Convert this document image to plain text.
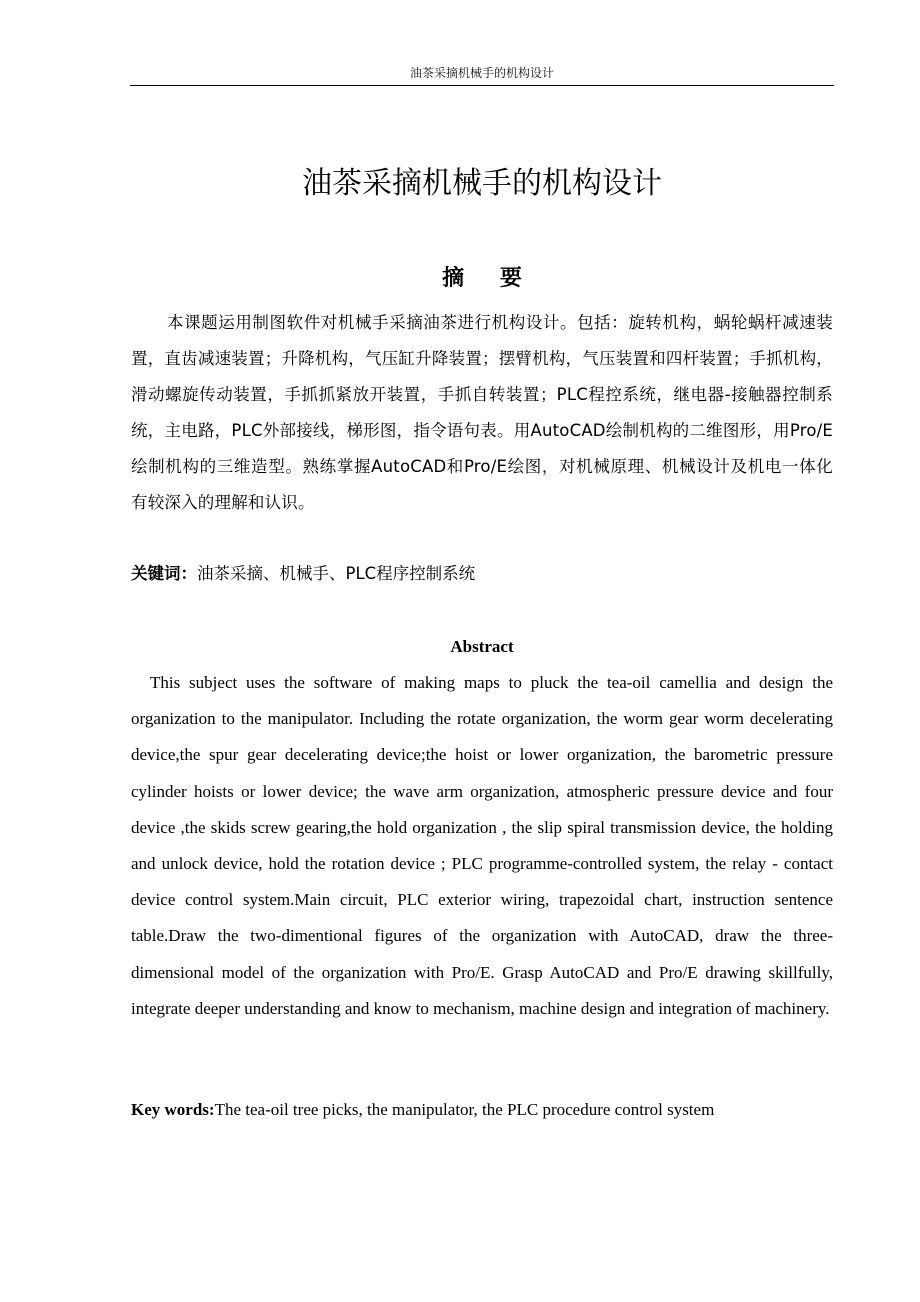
油茶采摘机械手的机构设计
油茶采摘机械手的机构设计
摘 要

本课题运用制图软件对机械手采摘油茶进行机构设计。包括：旋转机构，蜗轮蜗杆减速装置，直齿减速装置；升降机构，气压缸升降装置；摆臂机构，气压装置和四杆装置；手抓机构，滑动螺旋传动装置，手抓抓紧放开装置，手抓自转装置；PLC程控系统，继电器-接触器控制系统，主电路，PLC外部接线，梯形图，指令语句表。用AutoCAD绘制机构的二维图形，用Pro/E绘制机构的三维造型。熟练掌握AutoCAD和Pro/E绘图，对机械原理、机械设计及机电一体化有较深入的理解和认识。

关键词：油茶采摘、机械手、PLC程序控制系统

Abstract

This subject uses the software of making maps to pluck the tea-oil camellia and design the organization to the manipulator. Including the rotate organization, the worm gear worm decelerating device,the spur gear decelerating device;the hoist or lower organization, the barometric pressure cylinder hoists or lower device; the wave arm organization, atmospheric pressure device and four device ,the skids screw gearing,the hold organization , the slip spiral transmission device, the holding and unlock device, hold the rotation device ; PLC programme-controlled system, the relay - contact device control system.Main circuit, PLC exterior wiring, trapezoidal chart, instruction sentence table.Draw the two-dimentional figures of the organization with AutoCAD, draw the three-dimensional model of the organization with Pro/E. Grasp AutoCAD and Pro/E drawing skillfully, integrate deeper understanding and know to mechanism, machine design and integration of machinery.

Key words:The tea-oil tree picks, the manipulator, the PLC procedure control system
